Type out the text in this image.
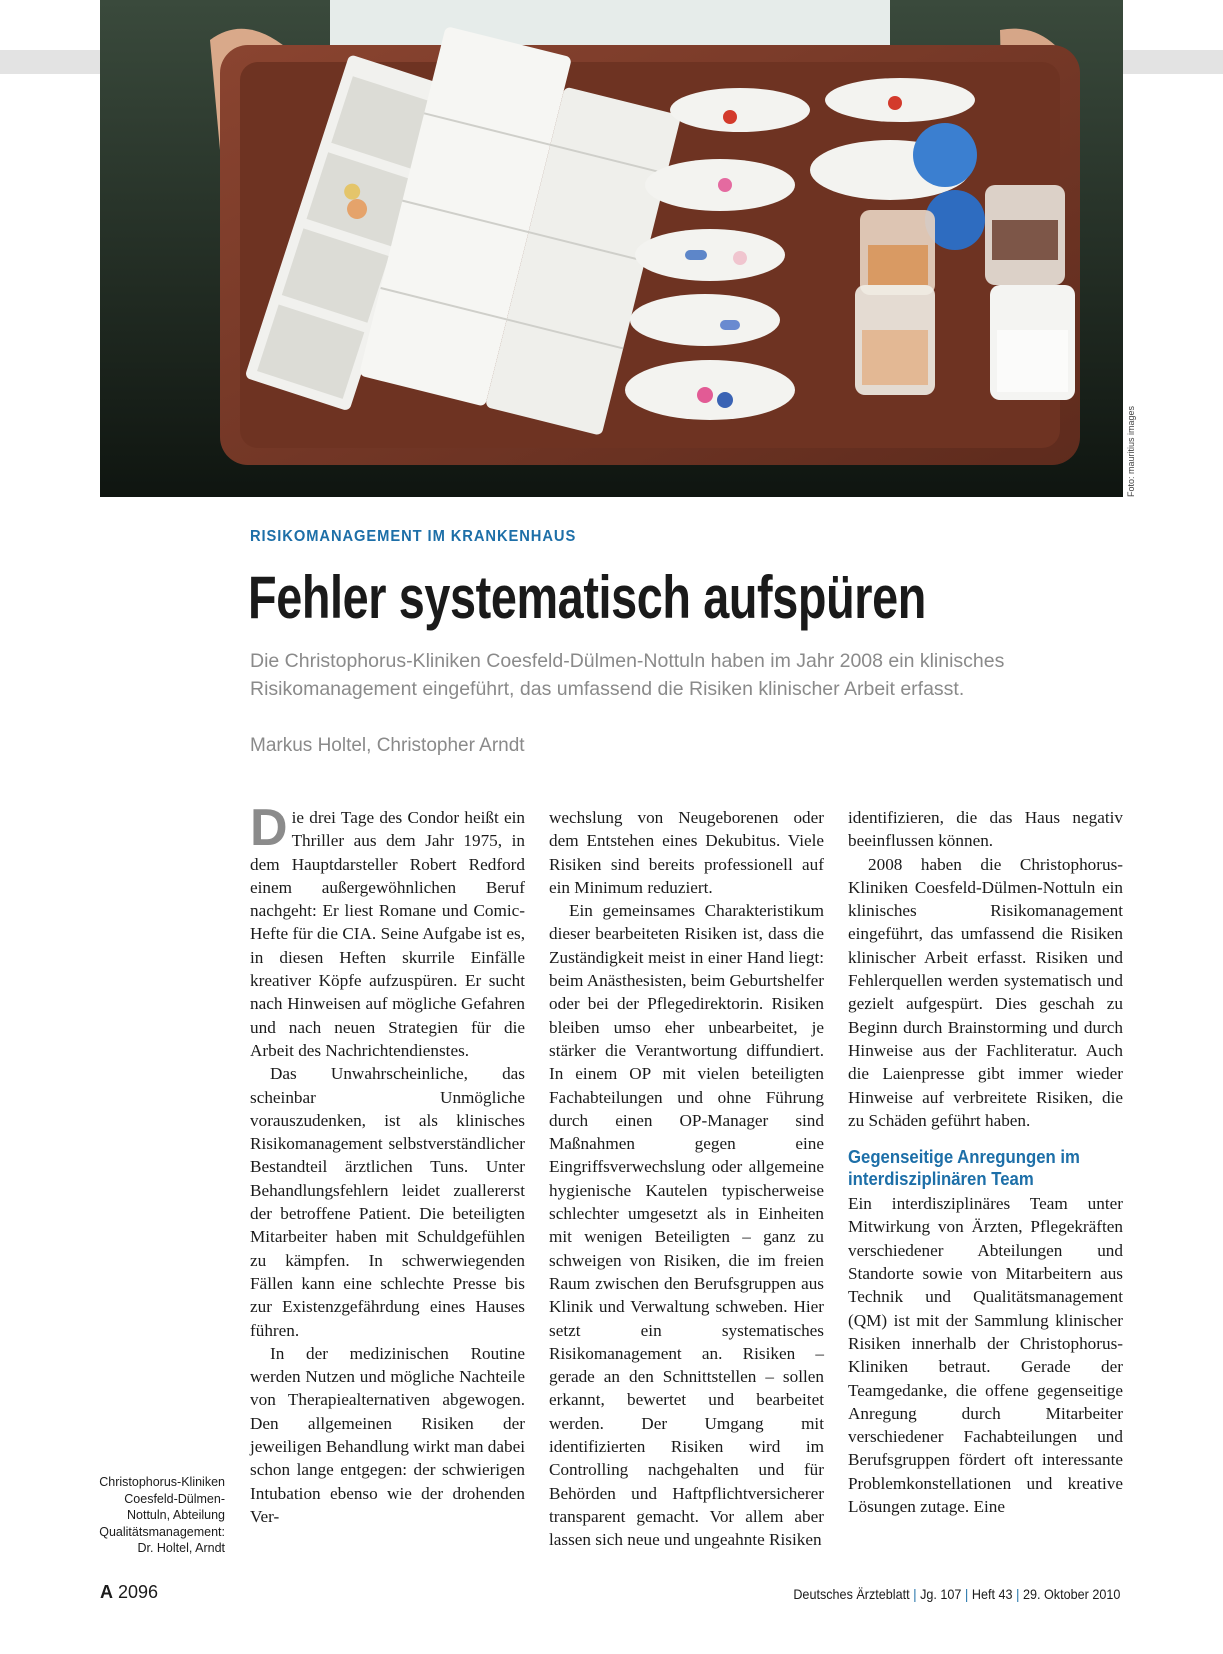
Foto: mauritius images
RISIKOMANAGEMENT IM KRANKENHAUS
Fehler systematisch aufspüren

Die Christophorus-Kliniken Coesfeld-Dülmen-Nottuln haben im Jahr 2008 ein klinisches Risikomanagement eingeführt, das umfassend die Risiken klinischer Arbeit erfasst.

Markus Holtel, Christopher Arndt

Die drei Tage des Condor heißt ein Thriller aus dem Jahr 1975, in dem Hauptdarsteller Robert Redford einem außergewöhnlichen Beruf nachgeht: Er liest Romane und Comic-Hefte für die CIA. Seine Aufgabe ist es, in diesen Heften skurrile Einfälle kreativer Köpfe aufzuspüren. Er sucht nach Hinweisen auf mögliche Gefahren und nach neuen Strategien für die Arbeit des Nachrichtendienstes.

Das Unwahrscheinliche, das scheinbar Unmögliche vorauszudenken, ist als klinisches Risikomanagement selbstverständlicher Bestandteil ärztlichen Tuns. Unter Behandlungsfehlern leidet zuallererst der betroffene Patient. Die beteiligten Mitarbeiter haben mit Schuldgefühlen zu kämpfen. In schwerwiegenden Fällen kann eine schlechte Presse bis zur Existenzgefährdung eines Hauses führen.

In der medizinischen Routine werden Nutzen und mögliche Nachteile von Therapiealternativen abgewogen. Den allgemeinen Risiken der jeweiligen Behandlung wirkt man dabei schon lange entgegen: der schwierigen Intubation ebenso wie der drohenden Ver-

wechslung von Neugeborenen oder dem Entstehen eines Dekubitus. Viele Risiken sind bereits professionell auf ein Minimum reduziert.

Ein gemeinsames Charakteristikum dieser bearbeiteten Risiken ist, dass die Zuständigkeit meist in einer Hand liegt: beim Anästhesisten, beim Geburtshelfer oder bei der Pflegedirektorin. Risiken bleiben umso eher unbearbeitet, je stärker die Verantwortung diffundiert. In einem OP mit vielen beteiligten Fachabteilungen und ohne Führung durch einen OP-Manager sind Maßnahmen gegen eine Eingriffsverwechslung oder allgemeine hygienische Kautelen typischerweise schlechter umgesetzt als in Einheiten mit wenigen Beteiligten – ganz zu schweigen von Risiken, die im freien Raum zwischen den Berufsgruppen aus Klinik und Verwaltung schweben. Hier setzt ein systematisches Risikomanagement an. Risiken – gerade an den Schnittstellen – sollen erkannt, bewertet und bearbeitet werden. Der Umgang mit identifizierten Risiken wird im Controlling nachgehalten und für Behörden und Haftpflichtversicherer transparent gemacht. Vor allem aber lassen sich neue und ungeahnte Risiken

identifizieren, die das Haus negativ beeinflussen können.

2008 haben die Christophorus-Kliniken Coesfeld-Dülmen-Nottuln ein klinisches Risikomanagement eingeführt, das umfassend die Risiken klinischer Arbeit erfasst. Risiken und Fehlerquellen werden systematisch und gezielt aufgespürt. Dies geschah zu Beginn durch Brainstorming und durch Hinweise aus der Fachliteratur. Auch die Laienpresse gibt immer wieder Hinweise auf verbreitete Risiken, die zu Schäden geführt haben.

Gegenseitige Anregungen im interdisziplinären Team

Ein interdisziplinäres Team unter Mitwirkung von Ärzten, Pflegekräften verschiedener Abteilungen und Standorte sowie von Mitarbeitern aus Technik und Qualitätsmanagement (QM) ist mit der Sammlung klinischer Risiken innerhalb der Christophorus-Kliniken betraut. Gerade der Teamgedanke, die offene gegenseitige Anregung durch Mitarbeiter verschiedener Fachabteilungen und Berufsgruppen fördert oft interessante Problemkonstellationen und kreative Lösungen zutage. Eine

Christophorus-Kliniken
Coesfeld-Dülmen-
Nottuln, Abteilung
Qualitätsmanagement:
Dr. Holtel, Arndt
A 2096	Deutsches Ärzteblatt | Jg. 107 | Heft 43 | 29. Oktober 2010
